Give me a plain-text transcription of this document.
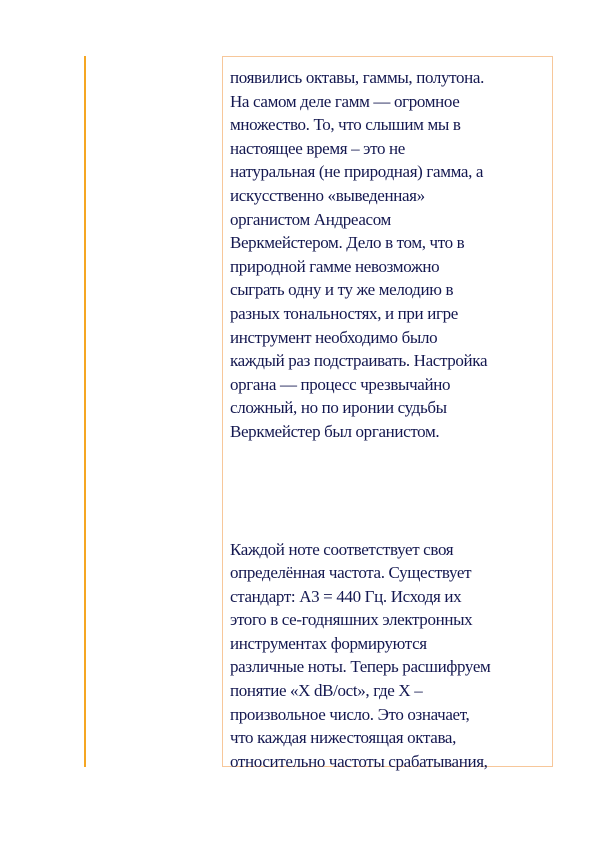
появились октавы, гаммы, полутона.
На самом деле гамм — огромное
множество. То, что слышим мы в
настоящее время – это не
натуральная (не природная) гамма, а
искусственно «выведенная»
органистом Андреасом
Веркмейстером. Дело в том, что в
природной гамме невозможно
сыграть одну и ту же мелодию в
разных тональностях, и при игре
инструмент необходимо было
каждый раз подстраивать. Настройка
органа — процесс чрезвычайно
сложный, но по иронии судьбы
Веркмейстер был органистом.

Каждой ноте соответствует своя
определённая частота. Существует
стандарт: А3 = 440 Гц. Исходя их
этого в се-годняшних электронных
инструментах формируются
различные ноты. Теперь расшифруем
понятие «X dB/oct», где X –
произвольное число. Это означает,
что каждая нижестоящая октава,
относительно частоты срабатывания,
